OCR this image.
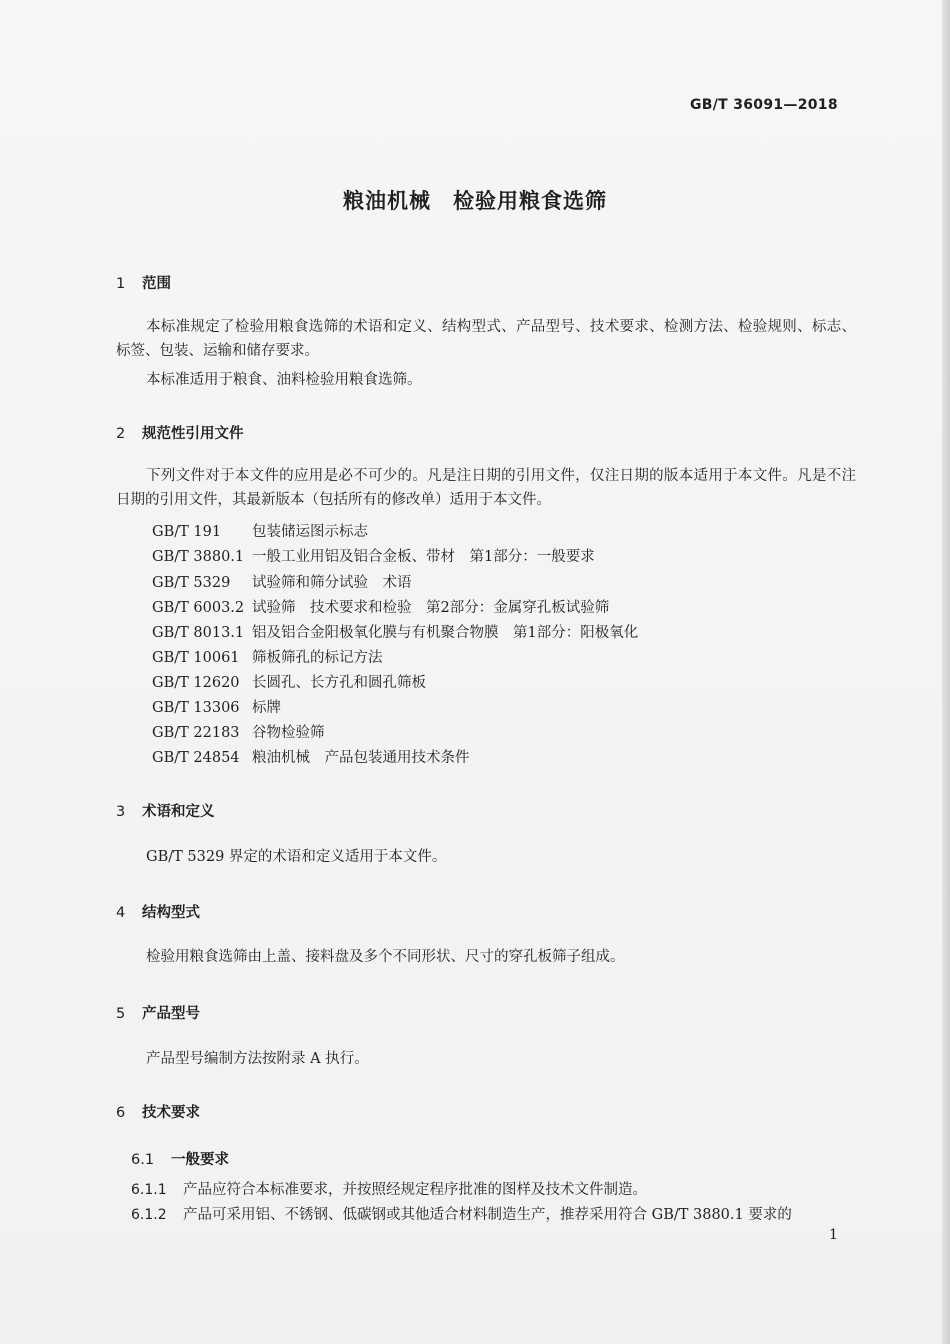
GB/T 36091—2018
粮油机械　检验用粮食选筛
1 范围
本标准规定了检验用粮食选筛的术语和定义、结构型式、产品型号、技术要求、检测方法、检验规则、标志、标签、包装、运输和储存要求。
本标准适用于粮食、油料检验用粮食选筛。
2 规范性引用文件
下列文件对于本文件的应用是必不可少的。凡是注日期的引用文件，仅注日期的版本适用于本文件。凡是不注日期的引用文件，其最新版本（包括所有的修改单）适用于本文件。
GB/T 191 包装储运图示标志
GB/T 3880.1 一般工业用铝及铝合金板、带材　第1部分：一般要求
GB/T 5329 试验筛和筛分试验　术语
GB/T 6003.2 试验筛　技术要求和检验　第2部分：金属穿孔板试验筛
GB/T 8013.1 铝及铝合金阳极氧化膜与有机聚合物膜　第1部分：阳极氧化
GB/T 10061 筛板筛孔的标记方法
GB/T 12620 长圆孔、长方孔和圆孔筛板
GB/T 13306 标牌
GB/T 22183 谷物检验筛
GB/T 24854 粮油机械　产品包装通用技术条件
3 术语和定义
GB/T 5329 界定的术语和定义适用于本文件。
4 结构型式
检验用粮食选筛由上盖、接料盘及多个不同形状、尺寸的穿孔板筛子组成。
5 产品型号
产品型号编制方法按附录 A 执行。
6 技术要求
6.1 一般要求
6.1.1 产品应符合本标准要求，并按照经规定程序批准的图样及技术文件制造。
6.1.2 产品可采用铝、不锈钢、低碳钢或其他适合材料制造生产，推荐采用符合 GB/T 3880.1 要求的
1
